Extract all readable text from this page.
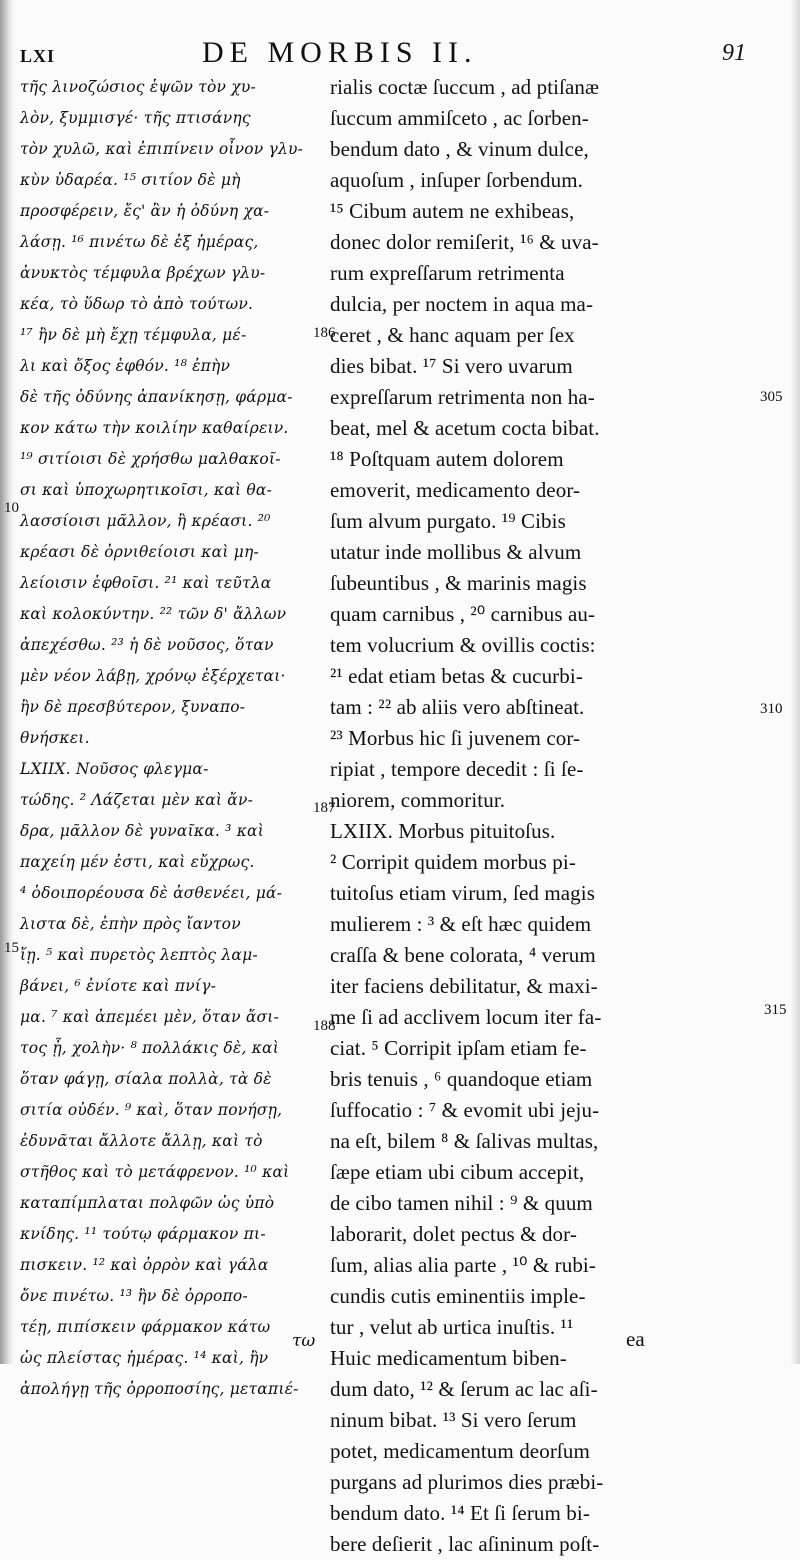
LXI	DE MORBIS II.	91
τῆς λινοζώσιος ἑψῶν τὸν χυ-
λὸν, ξυμμισγέ· τῆς πτισάνης
τὸν χυλῶ, καὶ ἐπιπίνειν οἶνον γλυ-
κὺν ὑδαρέα. ¹⁵ σιτίον δὲ μὴ
προσφέρειν, ἔς' ἂν ἡ ὀδύνη χα-
λάσῃ. ¹⁶ πινέτω δὲ ἐξ ἡμέρας,
ἀνυκτὸς τέμφυλα βρέχων γλυ-
κέα, τὸ ὕδωρ τὸ ἀπὸ τούτων.
¹⁷ ἢν δὲ μὴ ἔχῃ τέμφυλα, μέ-
λι καὶ ὄξος ἑφθόν. ¹⁸ ἐπὴν
δὲ τῆς ὀδύνης ἀπανίκησῃ, φάρμα-
κον κάτω τὴν κοιλίην καθαίρειν.
¹⁹ σιτίοισι δὲ χρήσθω μαλθακοῖ-
σι καὶ ὑποχωρητικοῖσι, καὶ θα-
λασσίοισι μᾶλλον, ἢ κρέασι. ²⁰
κρέασι δὲ ὀρνιθείοισι καὶ μη-
λείοισιν ἑφθοῖσι. ²¹ καὶ τεῦτλα
καὶ κολοκύντην. ²² τῶν δ' ἄλλων
ἀπεχέσθω. ²³ ἡ δὲ νοῦσος, ὅταν
μὲν νέον λάβῃ, χρόνῳ ἐξέρχεται·
ἢν δὲ πρεσβύτερον, ξυναπο-
θνήσκει.
LXIIX. Νοῦσος φλεγμα-
τώδης. ² Λάζεται μὲν καὶ ἄν-
δρα, μᾶλλον δὲ γυναῖκα. ³ καὶ
παχείη μέν ἐστι, καὶ εὔχρως.
⁴ ὁδοιπορέουσα δὲ ἀσθενέει, μά-
λιστα δὲ, ἐπὴν πρὸς ἴαντον
ἴῃ. ⁵ καὶ πυρετὸς λεπτὸς λαμ-
βάνει, ⁶ ἐνίοτε καὶ πνίγ-
μα. ⁷ καὶ ἀπεμέει μὲν, ὅταν ἄσι-
τος ᾖ, χολὴν· ⁸ πολλάκις δὲ, καὶ
ὅταν φάγῃ, σίαλα πολλὰ, τὰ δὲ
σιτία οὐδέν. ⁹ καὶ, ὅταν πονήσῃ,
ἐδυνᾶται ἄλλοτε ἄλλῃ, καὶ τὸ
στῆθος καὶ τὸ μετάφρενον. ¹⁰ καὶ
καταπίμπλαται πολφῶν ὡς ὑπὸ
κνίδης. ¹¹ τούτῳ φάρμακον πι-
πισκειν. ¹² καὶ ὀρρὸν καὶ γάλα
ὄνε πινέτω. ¹³ ἢν δὲ ὀρροπο-
τέῃ, πιπίσκειν φάρμακον κάτω
ὡς πλείστας ἡμέρας. ¹⁴ καὶ, ἢν
ἀπολήγῃ τῆς ὀρροποσίης, μεταπιέ-
rialis coctæ ſuccum , ad ptiſanæ
ſuccum ammiſceto , ac ſorben-
bendum dato , & vinum dulce,
aquoſum , inſuper ſorbendum.
¹⁵ Cibum autem ne exhibeas,
donec dolor remiſerit, ¹⁶ & uva-
rum expreſſarum retrimenta
dulcia, per noctem in aqua ma-
ceret , & hanc aquam per ſex
dies bibat. ¹⁷ Si vero uvarum
expreſſarum retrimenta non ha-
beat, mel & acetum cocta bibat.
¹⁸ Poſtquam autem dolorem
emoverit, medicamento deor-
ſum alvum purgato. ¹⁹ Cibis
utatur inde mollibus & alvum
ſubeuntibus , & marinis magis
quam carnibus , ²⁰ carnibus au-
tem volucrium & ovillis coctis:
²¹ edat etiam betas & cucurbi-
tam : ²² ab aliis vero abſtineat.
²³ Morbus hic ſi juvenem cor-
ripiat , tempore decedit : ſi ſe-
niorem, commoritur.
LXIIX. Morbus pituitoſus.
² Corripit quidem morbus pi-
tuitoſus etiam virum, ſed magis
mulierem : ³ & eſt hæc quidem
craſſa & bene colorata, ⁴ verum
iter faciens debilitatur, & maxi-
me ſi ad acclivem locum iter fa-
ciat. ⁵ Corripit ipſam etiam fe-
bris tenuis , ⁶ quandoque etiam
ſuffocatio : ⁷ & evomit ubi jeju-
na eſt, bilem ⁸ & ſalivas multas,
ſæpe etiam ubi cibum accepit,
de cibo tamen nihil : ⁹ & quum
laborarit, dolet pectus & dor-
ſum, alias alia parte , ¹⁰ & rubi-
cundis cutis eminentiis imple-
tur , velut ab urtica inuſtis. ¹¹
Huic medicamentum biben-
dum dato, ¹² & ſerum ac lac aſi-
ninum bibat. ¹³ Si vero ſerum
potet, medicamentum deorſum
purgans ad plurimos dies præbi-
bendum dato. ¹⁴ Et ſi ſerum bi-
bere deſierit , lac aſininum poſt-
186
305
10
310
187
15
315
188
τω	ea
